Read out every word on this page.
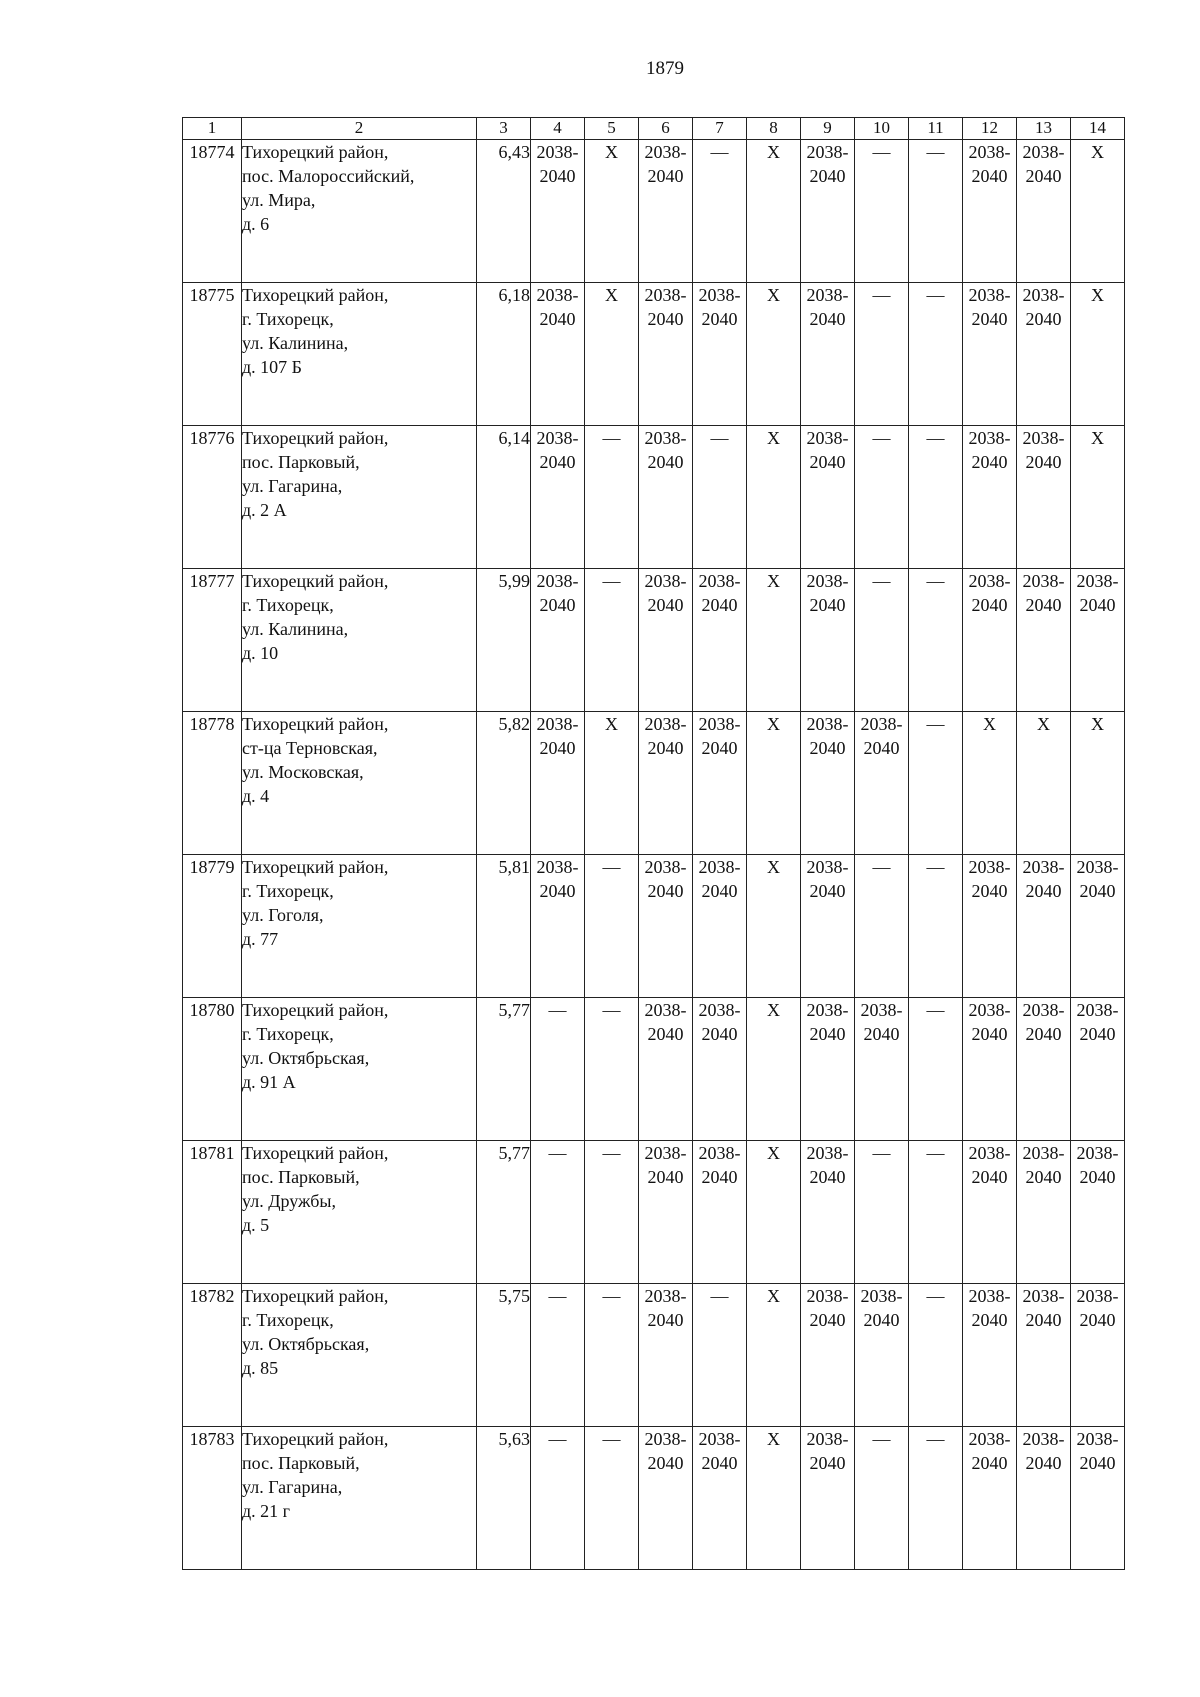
1879
1	2	3	4	5	6	7	8	9	10	11	12	13	14
18774	Тихорецкий район,
пос. Малороссийский,
ул. Мира,
д. 6	6,43	2038-
2040	Х	2038-
2040	—	Х	2038-
2040	—	—	2038-
2040	2038-
2040	Х

18775	Тихорецкий район,
г. Тихорецк,
ул. Калинина,
д. 107 Б	6,18	2038-
2040	Х	2038-
2040	2038-
2040	Х	2038-
2040	—	—	2038-
2040	2038-
2040	Х

18776	Тихорецкий район,
пос. Парковый,
ул. Гагарина,
д. 2 А	6,14	2038-
2040	—	2038-
2040	—	Х	2038-
2040	—	—	2038-
2040	2038-
2040	Х

18777	Тихорецкий район,
г. Тихорецк,
ул. Калинина,
д. 10	5,99	2038-
2040	—	2038-
2040	2038-
2040	Х	2038-
2040	—	—	2038-
2040	2038-
2040	2038-
2040

18778	Тихорецкий район,
ст-ца Терновская,
ул. Московская,
д. 4	5,82	2038-
2040	Х	2038-
2040	2038-
2040	Х	2038-
2040	2038-
2040	—	Х	Х	Х

18779	Тихорецкий район,
г. Тихорецк,
ул. Гоголя,
д. 77	5,81	2038-
2040	—	2038-
2040	2038-
2040	Х	2038-
2040	—	—	2038-
2040	2038-
2040	2038-
2040

18780	Тихорецкий район,
г. Тихорецк,
ул. Октябрьская,
д. 91 А	5,77	—	—	2038-
2040	2038-
2040	Х	2038-
2040	2038-
2040	—	2038-
2040	2038-
2040	2038-
2040

18781	Тихорецкий район,
пос. Парковый,
ул. Дружбы,
д. 5	5,77	—	—	2038-
2040	2038-
2040	Х	2038-
2040	—	—	2038-
2040	2038-
2040	2038-
2040

18782	Тихорецкий район,
г. Тихорецк,
ул. Октябрьская,
д. 85	5,75	—	—	2038-
2040	—	Х	2038-
2040	2038-
2040	—	2038-
2040	2038-
2040	2038-
2040

18783	Тихорецкий район,
пос. Парковый,
ул. Гагарина,
д. 21 г	5,63	—	—	2038-
2040	2038-
2040	Х	2038-
2040	—	—	2038-
2040	2038-
2040	2038-
2040
